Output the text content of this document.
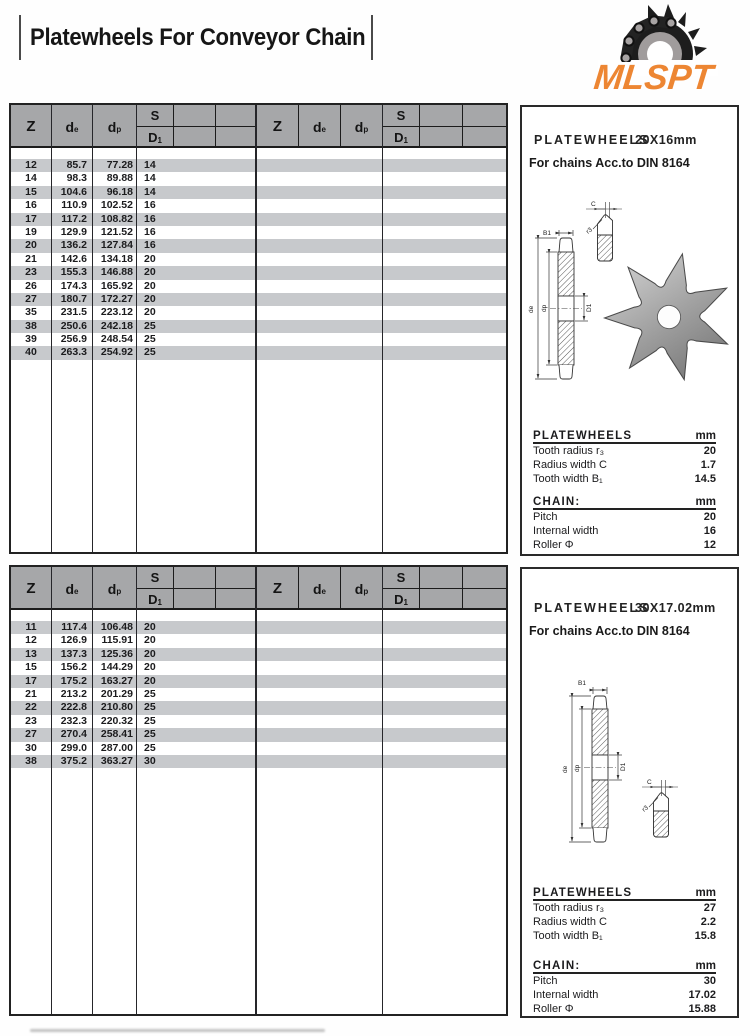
Platewheels For Conveyor Chain
MLSPT
Z d e d p
S
D 1
Z d e d p
S
D 1
12	85.7	77.28	14
14	98.3	89.88	14
15	104.6	96.18	14
16	110.9	102.52	16
17	117.2	108.82	16
19	129.9	121.52	16
20	136.2	127.84	16
21	142.6	134.18	20
23	155.3	146.88	20
26	174.3	165.92	20
27	180.7	172.27	20
35	231.5	223.12	20
38	250.6	242.18	25
39	256.9	248.54	25
40	263.3	254.92	25
PLATEWHEELS
20X16mm
For chains Acc.to DIN 8164
B1
de dp	D1
C
r3
PLATEWHEELS	mm
Tooth radius r₃	20
Radius width C	1.7
Tooth width B₁	14.5
CHAIN:	mm
Pitch	20
Internal width	16
Roller Φ	12
Z d e d p
S
D 1
Z d e d p
S
D 1
11	117.4	106.48	20
12	126.9	115.91	20
13	137.3	125.36	20
15	156.2	144.29	20
17	175.2	163.27	20
21	213.2	201.29	25
22	222.8	210.80	25
23	232.3	220.32	25
27	270.4	258.41	25
30	299.0	287.00	25
38	375.2	363.27	30
PLATEWHEELS
30X17.02mm
For chains Acc.to DIN 8164
B1
de dp	D1
C
r3
PLATEWHEELS	mm
Tooth radius r₃	27
Radius width C	2.2
Tooth width B₁	15.8
CHAIN:	mm
Pitch	30
Internal width	17.02
Roller Φ	15.88
